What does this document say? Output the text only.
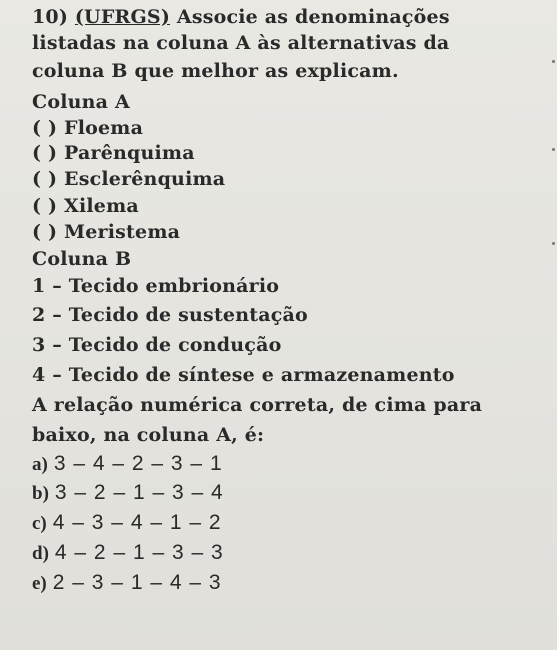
10) (UFRGS) Associe as denominações
listadas na coluna A às alternativas da
coluna B que melhor as explicam.
Coluna A
( ) Floema
( ) Parênquima
( ) Esclerênquima
( ) Xilema
( ) Meristema
Coluna B
1 – Tecido embrionário
2 – Tecido de sustentação
3 – Tecido de condução
4 – Tecido de síntese e armazenamento
A relação numérica correta, de cima para
baixo, na coluna A, é:
a) 3 – 4 – 2 – 3 – 1
b) 3 – 2 – 1 – 3 – 4
c) 4 – 3 – 4 – 1 – 2
d) 4 – 2 – 1 – 3 – 3
e) 2 – 3 – 1 – 4 – 3
